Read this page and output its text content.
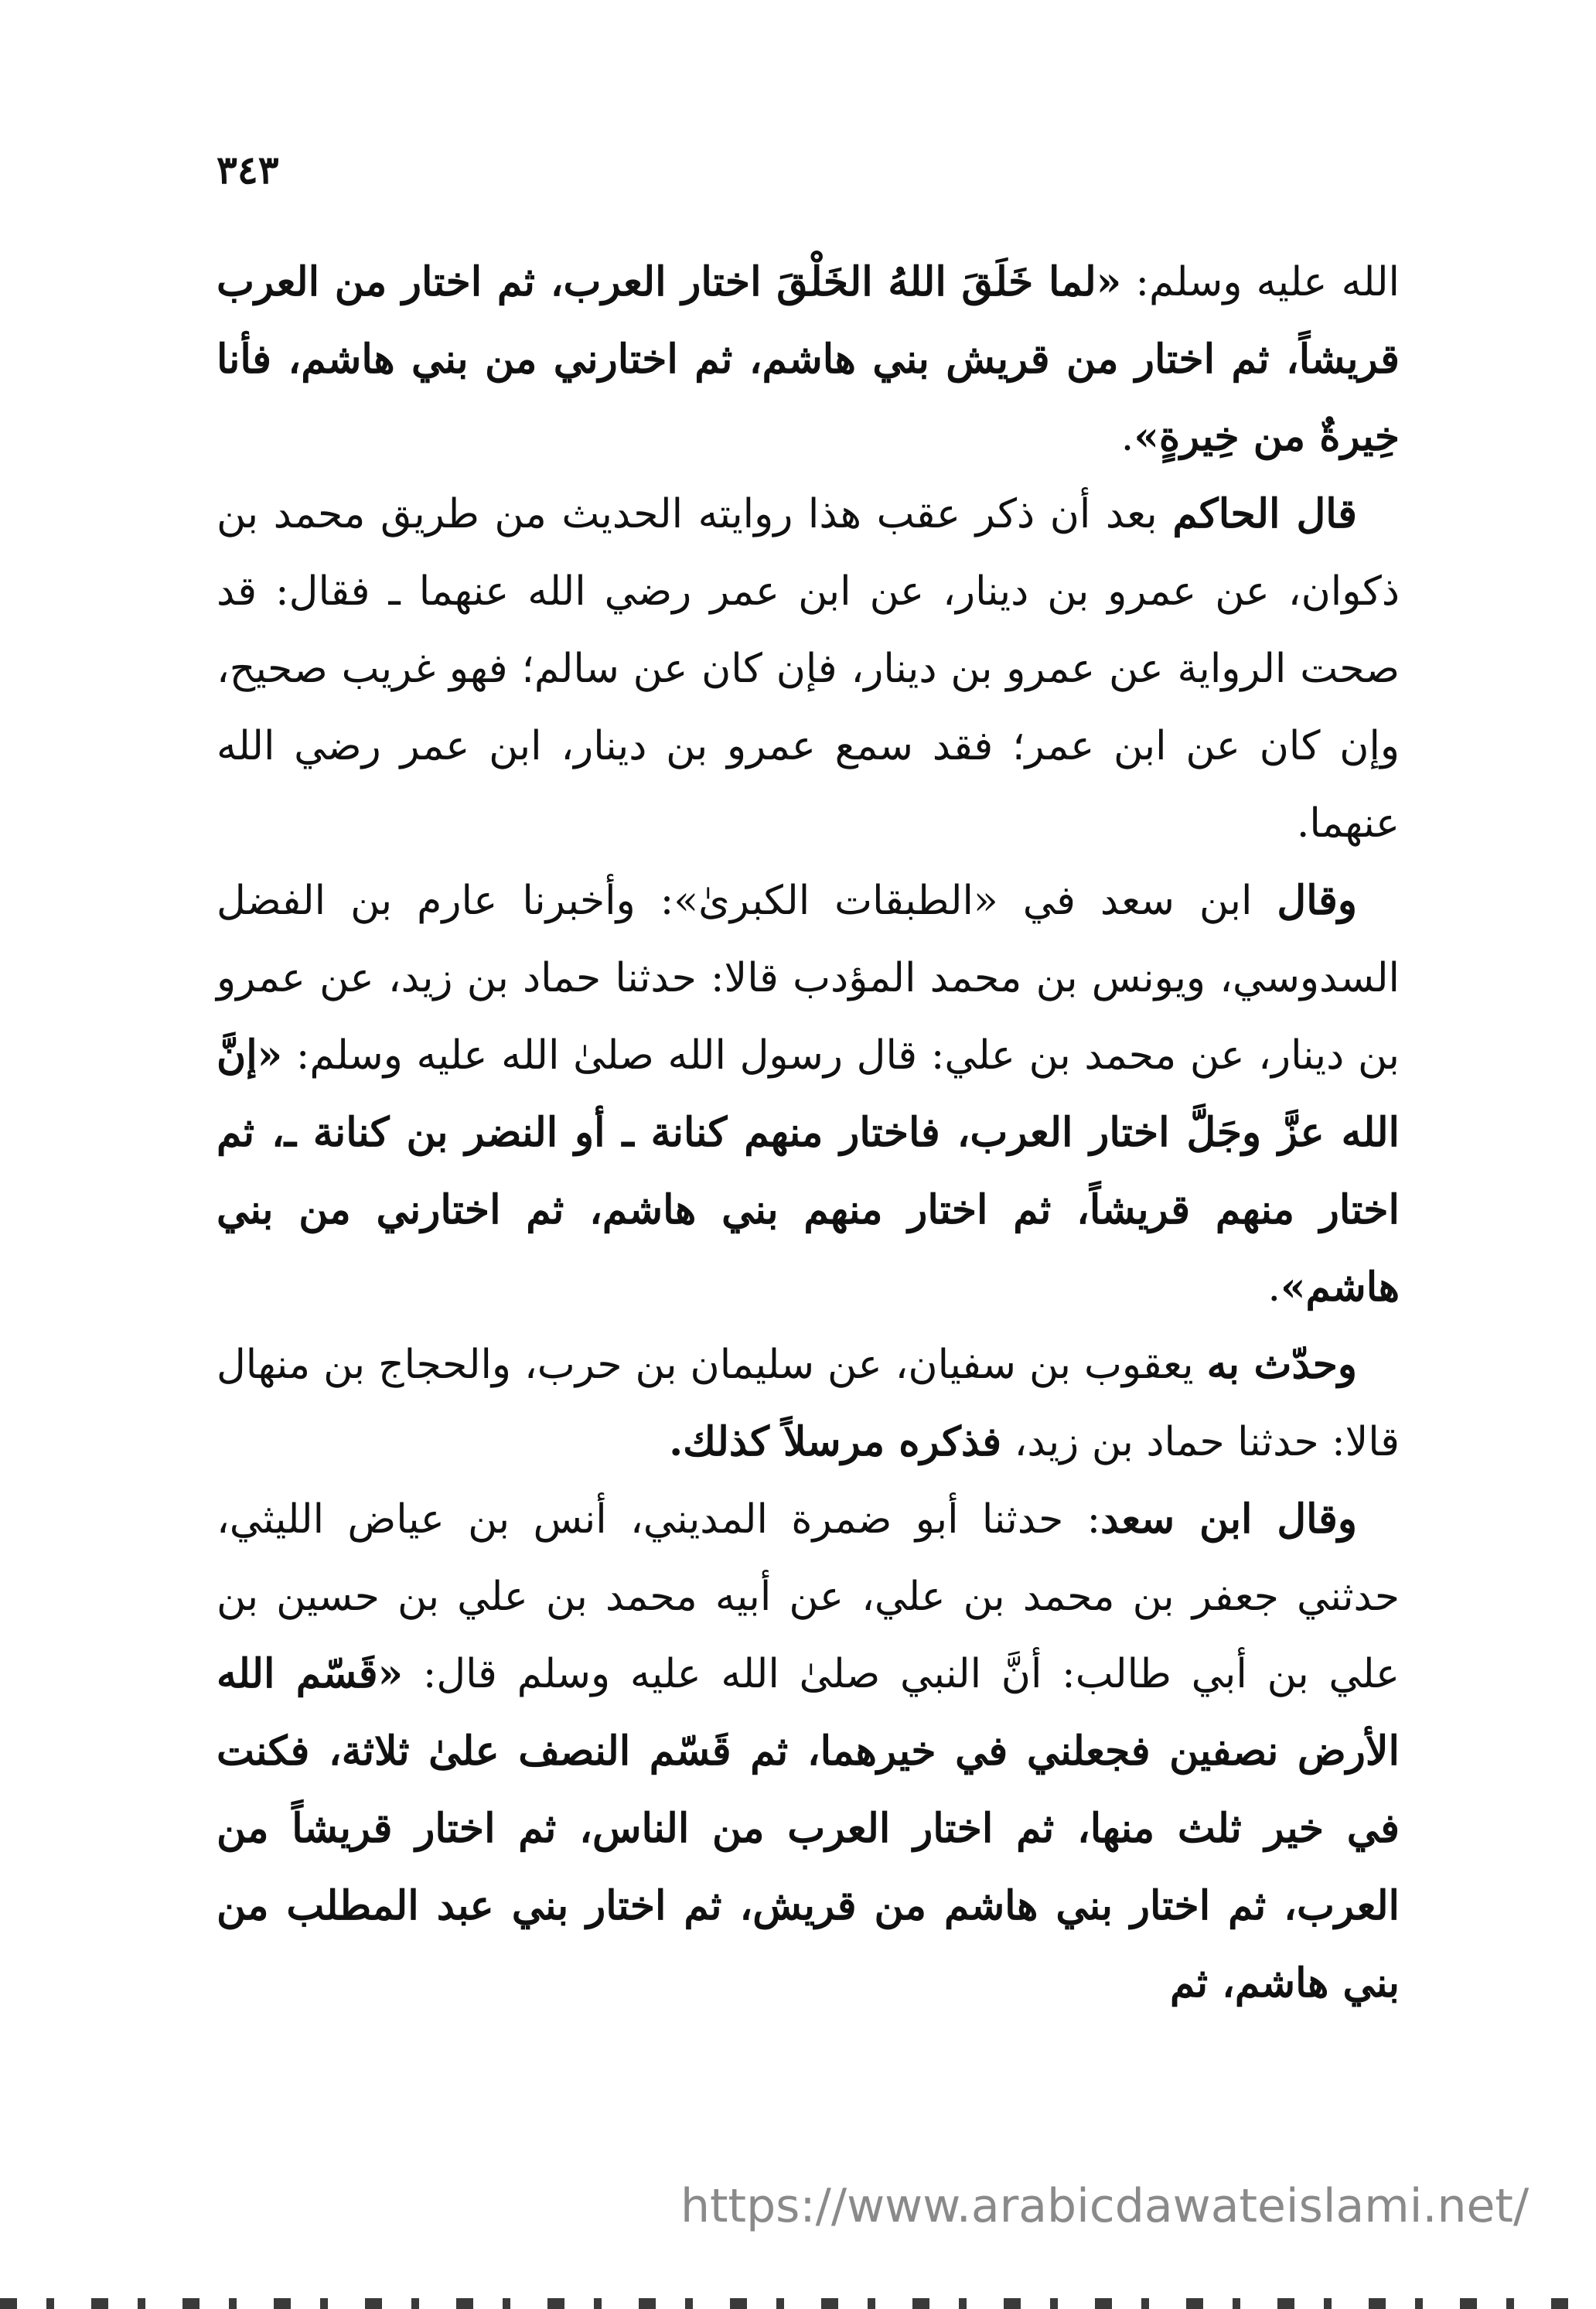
٣٤٣

الله عليه وسلم: «لما خَلَقَ اللهُ الخَلْقَ اختار العرب، ثم اختار من العرب قريشاً، ثم اختار من قريش بني هاشم، ثم اختارني من بني هاشم، فأنا خِيرةٌ من خِيرةٍ».

قال الحاكم بعد أن ذكر عقب هذا روايته الحديث من طريق محمد بن ذكوان، عن عمرو بن دينار، عن ابن عمر رضي الله عنهما ـ فقال: قد صحت الرواية عن عمرو بن دينار، فإن كان عن سالم؛ فهو غريب صحيح، وإن كان عن ابن عمر؛ فقد سمع عمرو بن دينار، ابن عمر رضي الله عنهما.

وقال ابن سعد في «الطبقات الكبرىٰ»: وأخبرنا عارم بن الفضل السدوسي، ويونس بن محمد المؤدب قالا: حدثنا حماد بن زيد، عن عمرو بن دينار، عن محمد بن علي: قال رسول الله صلىٰ الله عليه وسلم: «إنَّ الله عزَّ وجَلَّ اختار العرب، فاختار منهم كنانة ـ أو النضر بن كنانة ـ، ثم اختار منهم قريشاً، ثم اختار منهم بني هاشم، ثم اختارني من بني هاشم».

وحدّث به يعقوب بن سفيان، عن سليمان بن حرب، والحجاج بن منهال قالا: حدثنا حماد بن زيد، فذكره مرسلاً كذلك.

وقال ابن سعد: حدثنا أبو ضمرة المديني، أنس بن عياض الليثي، حدثني جعفر بن محمد بن علي، عن أبيه محمد بن علي بن حسين بن علي بن أبي طالب: أنَّ النبي صلىٰ الله عليه وسلم قال: «قَسّم الله الأرض نصفين فجعلني في خيرهما، ثم قَسّم النصف علىٰ ثلاثة، فكنت في خير ثلث منها، ثم اختار العرب من الناس، ثم اختار قريشاً من العرب، ثم اختار بني هاشم من قريش، ثم اختار بني عبد المطلب من بني هاشم، ثم

https://www.arabicdawateislami.net/
